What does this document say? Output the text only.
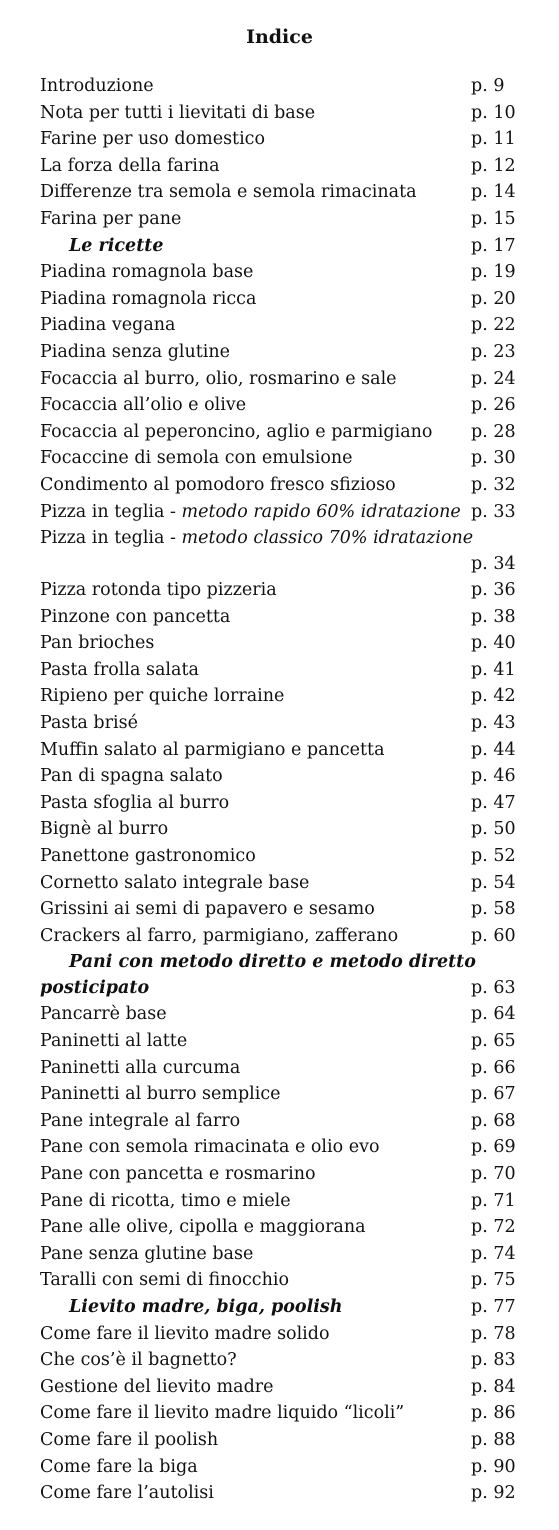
Indice
Introduzione	p. 9
Nota per tutti i lievitati di base	p. 10
Farine per uso domestico	p. 11
La forza della farina	p. 12
Differenze tra semola e semola rimacinata	p. 14
Farina per pane	p. 15
Le ricette	p. 17
Piadina romagnola base	p. 19
Piadina romagnola ricca	p. 20
Piadina vegana	p. 22
Piadina senza glutine	p. 23
Focaccia al burro, olio, rosmarino e sale	p. 24
Focaccia all’olio e olive	p. 26
Focaccia al peperoncino, aglio e parmigiano p. 28
Focaccine di semola con emulsione	p. 30
Condimento al pomodoro fresco sfizioso	p. 32
Pizza in teglia - metodo rapido 60% idratazione p. 33
Pizza in teglia - metodo classico 70% idratazione
p. 34
Pizza rotonda tipo pizzeria	p. 36
Pinzone con pancetta	p. 38
Pan brioches	p. 40
Pasta frolla salata	p. 41
Ripieno per quiche lorraine	p. 42
Pasta brisé	p. 43
Muffin salato al parmigiano e pancetta	p. 44
Pan di spagna salato	p. 46
Pasta sfoglia al burro	p. 47
Bignè al burro	p. 50
Panettone gastronomico	p. 52
Cornetto salato integrale base	p. 54
Grissini ai semi di papavero e sesamo	p. 58
Crackers al farro, parmigiano, zafferano	p. 60
Pani con metodo diretto e metodo diretto
posticipato	p. 63
Pancarrè base	p. 64
Paninetti al latte	p. 65
Paninetti alla curcuma	p. 66
Paninetti al burro semplice	p. 67
Pane integrale al farro	p. 68
Pane con semola rimacinata e olio evo	p. 69
Pane con pancetta e rosmarino	p. 70
Pane di ricotta, timo e miele	p. 71
Pane alle olive, cipolla e maggiorana	p. 72
Pane senza glutine base	p. 74
Taralli con semi di finocchio	p. 75
Lievito madre, biga, poolish	p. 77
Come fare il lievito madre solido	p. 78
Che cos’è il bagnetto?	p. 83
Gestione del lievito madre	p. 84
Come fare il lievito madre liquido “licoli”	p. 86
Come fare il poolish	p. 88
Come fare la biga	p. 90
Come fare l’autolisi	p. 92
